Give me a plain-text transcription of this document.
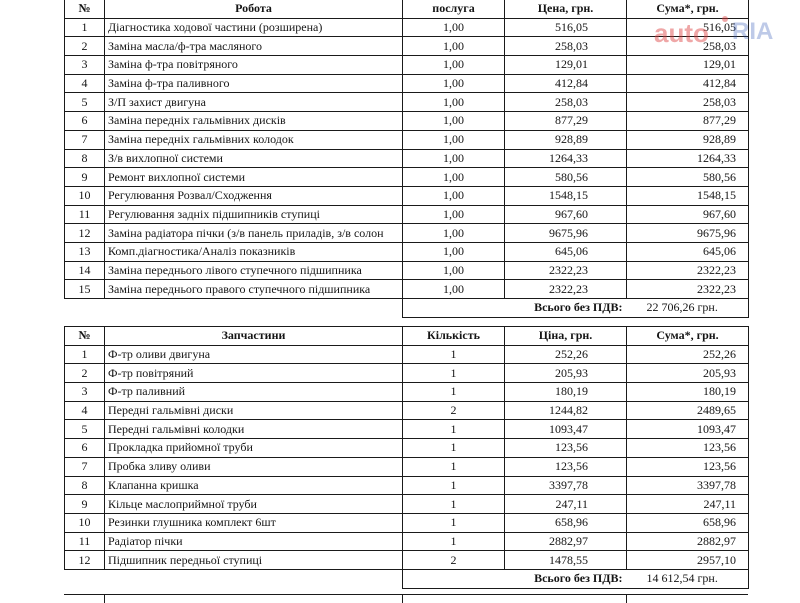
№	Робота	послуга	Цена, грн.	Сума*, грн.
1	Діагностика ходової частини (розширена)	1,00	516,05	516,05
2	Заміна масла/ф-тра масляного	1,00	258,03	258,03
3	Заміна ф-тра повітряного	1,00	129,01	129,01
4	Заміна ф-тра паливного	1,00	412,84	412,84
5	З/П захист двигуна	1,00	258,03	258,03
6	Заміна передніх гальмівних дисків	1,00	877,29	877,29
7	Заміна передніх гальмівних колодок	1,00	928,89	928,89
8	З/в вихлопної системи	1,00	1264,33	1264,33
9	Ремонт вихлопної системи	1,00	580,56	580,56
10	Регулювання Розвал/Сходження	1,00	1548,15	1548,15
11	Регулювання задніх підшипників ступиці	1,00	967,60	967,60
12	Заміна радіатора пічки (з/в панель приладів, з/в солон	1,00	9675,96	9675,96
13	Комп.діагностика/Аналіз показників	1,00	645,06	645,06
14	Заміна переднього лівого ступечного підшипника	1,00	2322,23	2322,23
15	Заміна переднього правого ступечного підшипника	1,00	2322,23	2322,23
		Всього без ПДВ:		22 706,26 грн.
№	Запчастини	Кількість	Ціна, грн.	Сума*, грн.
1	Ф-тр оливи двигуна	1	252,26	252,26
2	Ф-тр повітряний	1	205,93	205,93
3	Ф-тр паливний	1	180,19	180,19
4	Передні гальмівні диски	2	1244,82	2489,65
5	Передні гальмівні колодки	1	1093,47	1093,47
6	Прокладка прийомної труби	1	123,56	123,56
7	Пробка зливу оливи	1	123,56	123,56
8	Клапанна кришка	1	3397,78	3397,78
9	Кільце маслоприймної труби	1	247,11	247,11
10	Резинки глушника комплект 6шт	1	658,96	658,96
11	Радіатор пічки	1	2882,97	2882,97
12	Підшипник передньої ступиці	2	1478,55	2957,10
		Всього без ПДВ:		14 612,54 грн.
auto RIA
